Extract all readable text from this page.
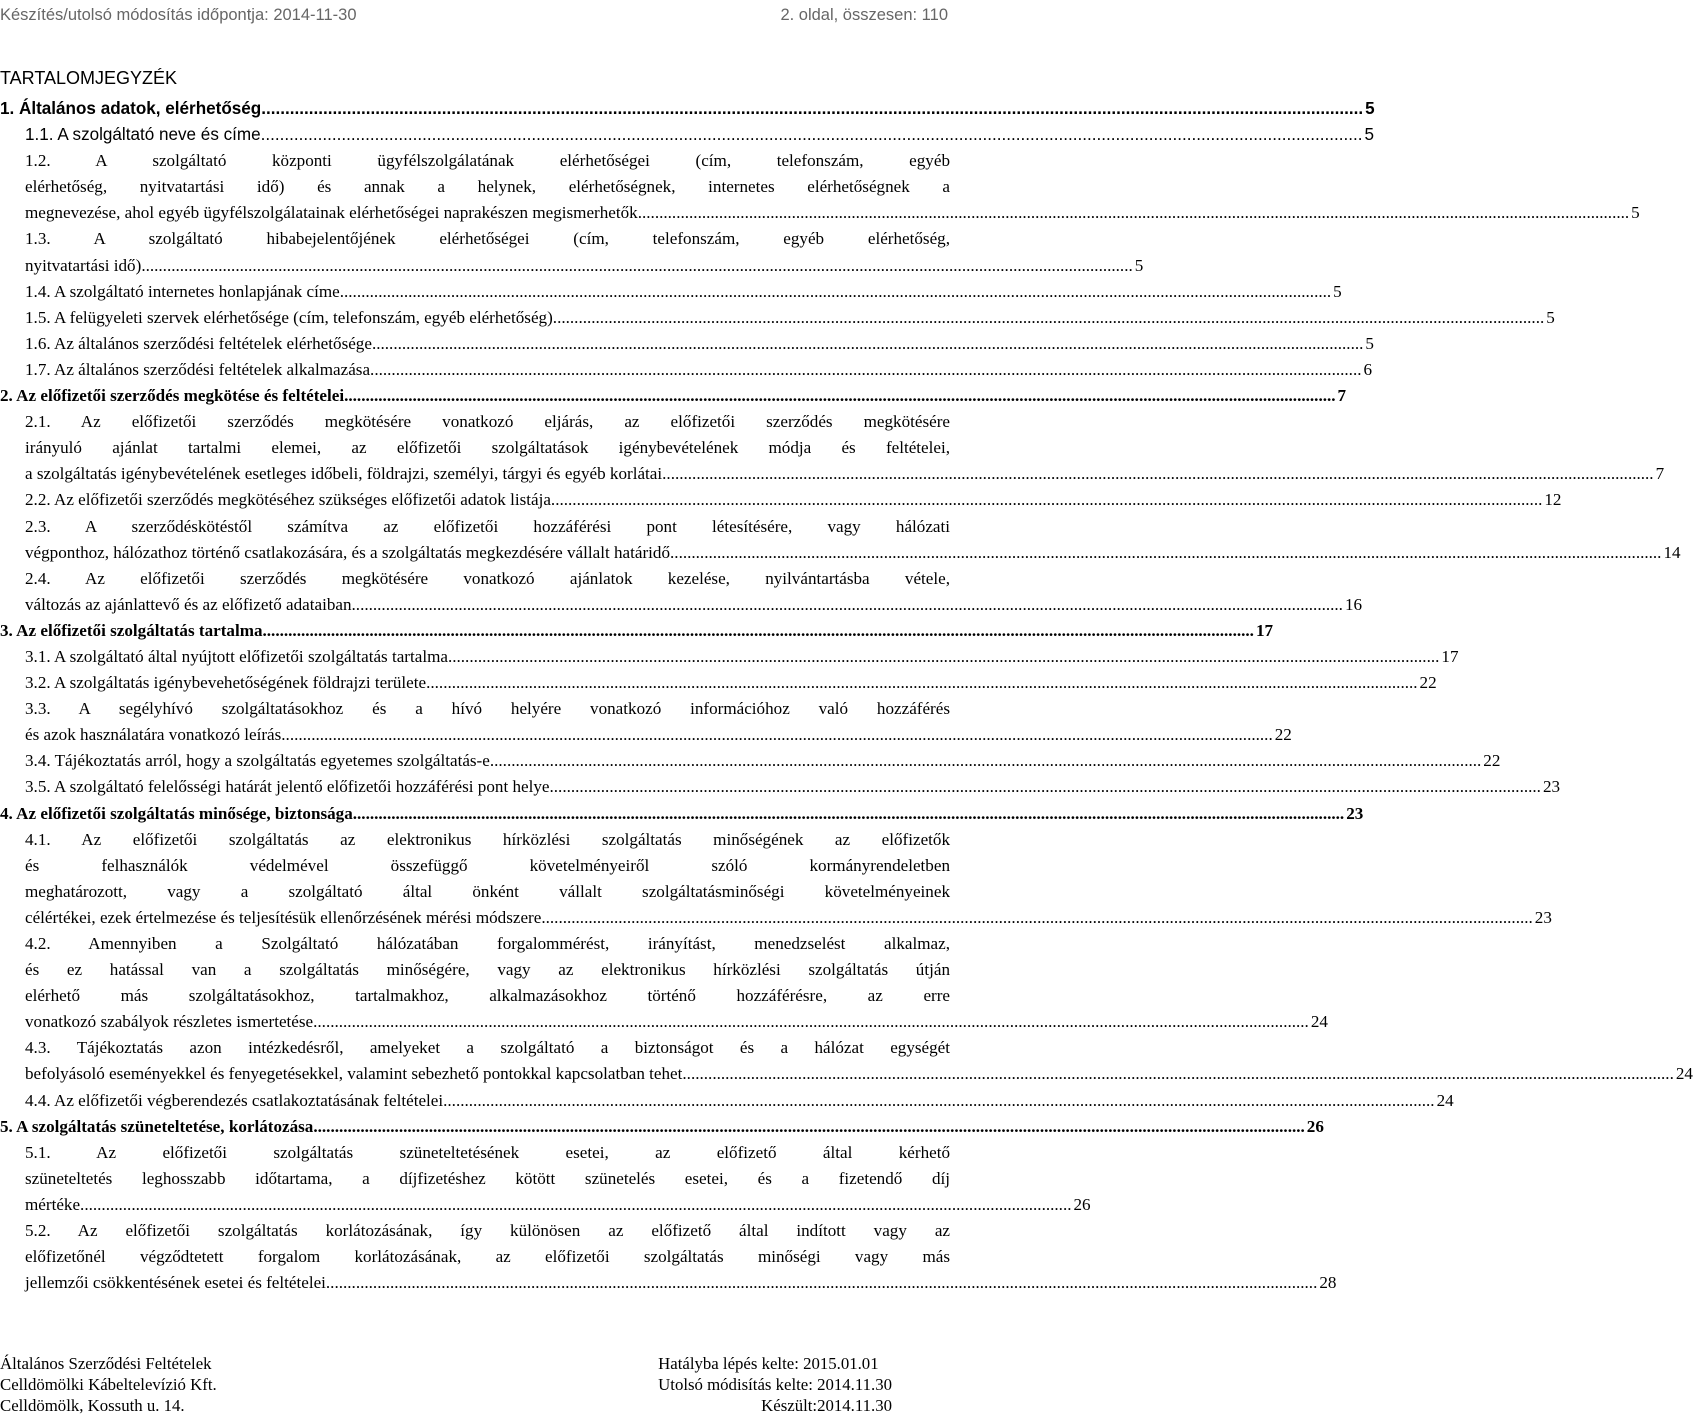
Készítés/utolsó módosítás időpontja: 2014-11-30	2. oldal, összesen: 110
TARTALOMJEGYZÉK
1. Általános adatok, elérhetőség .....	5
1.1. A szolgáltató neve és címe .....	5
1.2. A szolgáltató központi ügyfélszolgálatának elérhetőségei (cím, telefonszám, egyéb
elérhetőség, nyitvatartási idő) és annak a helynek, elérhetőségnek, internetes elérhetőségnek a
megnevezése, ahol egyéb ügyfélszolgálatainak elérhetőségei naprakészen megismerhetők .....	5
1.3. A szolgáltató hibabejelentőjének elérhetőségei (cím, telefonszám, egyéb elérhetőség,
nyitvatartási idő) .....	5
1.4. A szolgáltató internetes honlapjának címe .....	5
1.5. A felügyeleti szervek elérhetősége (cím, telefonszám, egyéb elérhetőség) .....	5
1.6. Az általános szerződési feltételek elérhetősége .....	5
1.7. Az általános szerződési feltételek alkalmazása .....	6
2. Az előfizetői szerződés megkötése és feltételei .....	7
2.1. Az előfizetői szerződés megkötésére vonatkozó eljárás, az előfizetői szerződés megkötésére
irányuló ajánlat tartalmi elemei, az előfizetői szolgáltatások igénybevételének módja és feltételei,
a szolgáltatás igénybevételének esetleges időbeli, földrajzi, személyi, tárgyi és egyéb korlátai .....	7
2.2. Az előfizetői szerződés megkötéséhez szükséges előfizetői adatok listája .....	12
2.3. A szerződéskötéstől számítva az előfizetői hozzáférési pont létesítésére, vagy hálózati
végponthoz, hálózathoz történő csatlakozására, és a szolgáltatás megkezdésére vállalt határidő .....	14
2.4. Az előfizetői szerződés megkötésére vonatkozó ajánlatok kezelése, nyilvántartásba vétele,
változás az ajánlattevő és az előfizető adataiban .....	16
3. Az előfizetői szolgáltatás tartalma .....	17
3.1. A szolgáltató által nyújtott előfizetői szolgáltatás tartalma .....	17
3.2. A szolgáltatás igénybevehetőségének földrajzi területe .....	22
3.3. A segélyhívó szolgáltatásokhoz és a hívó helyére vonatkozó információhoz való hozzáférés
és azok használatára vonatkozó leírás .....	22
3.4. Tájékoztatás arról, hogy a szolgáltatás egyetemes szolgáltatás-e .....	22
3.5. A szolgáltató felelősségi határát jelentő előfizetői hozzáférési pont helye .....	23
4. Az előfizetői szolgáltatás minősége, biztonsága .....	23
4.1. Az előfizetői szolgáltatás az elektronikus hírközlési szolgáltatás minőségének az előfizetők
és felhasználók védelmével összefüggő követelményeiről szóló kormányrendeletben
meghatározott, vagy a szolgáltató által önként vállalt szolgáltatásminőségi követelményeinek
célértékei, ezek értelmezése és teljesítésük ellenőrzésének mérési módszere .....	23
4.2. Amennyiben a Szolgáltató hálózatában forgalommérést, irányítást, menedzselést alkalmaz,
és ez hatással van a szolgáltatás minőségére, vagy az elektronikus hírközlési szolgáltatás útján
elérhető más szolgáltatásokhoz, tartalmakhoz, alkalmazásokhoz történő hozzáférésre, az erre
vonatkozó szabályok részletes ismertetése. .....	24
4.3. Tájékoztatás azon intézkedésről, amelyeket a szolgáltató a biztonságot és a hálózat egységét
befolyásoló eseményekkel és fenyegetésekkel, valamint sebezhető pontokkal kapcsolatban tehet .....	24
4.4. Az előfizetői végberendezés csatlakoztatásának feltételei .....	24
5. A szolgáltatás szüneteltetése, korlátozása .....	26
5.1. Az előfizetői szolgáltatás szüneteltetésének esetei, az előfizető által kérhető
szüneteltetés leghosszabb időtartama, a díjfizetéshez kötött szünetelés esetei, és a fizetendő díj
mértéke .....	26
5.2. Az előfizetői szolgáltatás korlátozásának, így különösen az előfizető által indított vagy az
előfizetőnél végződtetett forgalom korlátozásának, az előfizetői szolgáltatás minőségi vagy más
jellemzői csökkentésének esetei és feltételei .....	28
Általános Szerződési Feltételek
Celldömölki Kábeltelevízió Kft.
Celldömölk, Kossuth u. 14.
Hatályba lépés kelte: 2015.01.01
Utolsó módisítás kelte: 2014.11.30
Készült:2014.11.30
